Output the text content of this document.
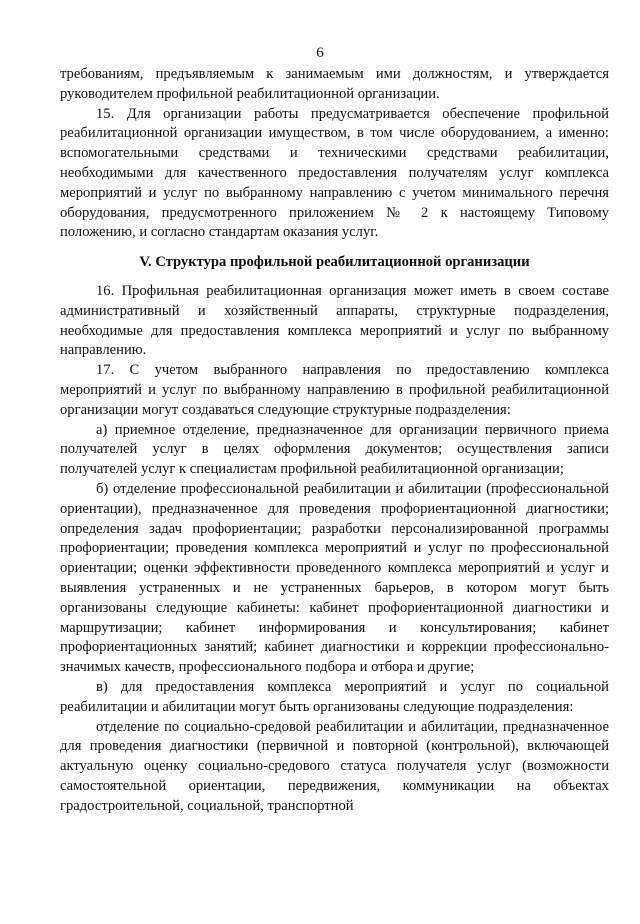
6

требованиям, предъявляемым к занимаемым ими должностям, и утверждается руководителем профильной реабилитационной организации.

15. Для организации работы предусматривается обеспечение профильной реабилитационной организации имуществом, в том числе оборудованием, а именно: вспомогательными средствами и техническими средствами реабилитации, необходимыми для качественного предоставления получателям услуг комплекса мероприятий и услуг по выбранному направлению с учетом минимального перечня оборудования, предусмотренного приложением № 2 к настоящему Типовому положению, и согласно стандартам оказания услуг.

V. Структура профильной реабилитационной организации

16. Профильная реабилитационная организация может иметь в своем составе административный и хозяйственный аппараты, структурные подразделения, необходимые для предоставления комплекса мероприятий и услуг по выбранному направлению.

17. С учетом выбранного направления по предоставлению комплекса мероприятий и услуг по выбранному направлению в профильной реабилитационной организации могут создаваться следующие структурные подразделения:

а) приемное отделение, предназначенное для организации первичного приема получателей услуг в целях оформления документов; осуществления записи получателей услуг к специалистам профильной реабилитационной организации;

б) отделение профессиональной реабилитации и абилитации (профессиональной ориентации), предназначенное для проведения профориентационной диагностики; определения задач профориентации; разработки персонализированной программы профориентации; проведения комплекса мероприятий и услуг по профессиональной ориентации; оценки эффективности проведенного комплекса мероприятий и услуг и выявления устраненных и не устраненных барьеров, в котором могут быть организованы следующие кабинеты: кабинет профориентационной диагностики и маршрутизации; кабинет информирования и консультирования; кабинет профориентационных занятий; кабинет диагностики и коррекции профессионально-значимых качеств, профессионального подбора и отбора и другие;

в) для предоставления комплекса мероприятий и услуг по социальной реабилитации и абилитации могут быть организованы следующие подразделения:

отделение по социально-средовой реабилитации и абилитации, предназначенное для проведения диагностики (первичной и повторной (контрольной), включающей актуальную оценку социально-средового статуса получателя услуг (возможности самостоятельной ориентации, передвижения, коммуникации на объектах градостроительной, социальной, транспортной
